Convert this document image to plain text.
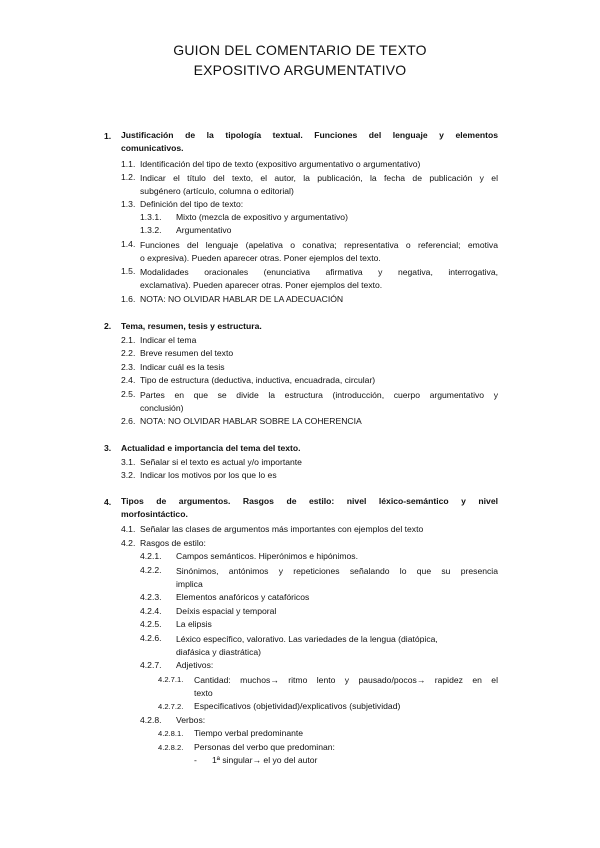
GUION DEL COMENTARIO DE TEXTO
EXPOSITIVO ARGUMENTATIVO
1. Justificación de la tipología textual. Funciones del lenguaje y elementos
comunicativos.
1.1. Identificación del tipo de texto (expositivo argumentativo o argumentativo)
1.2. Indicar el título del texto, el autor, la publicación, la fecha de publicación y el
subgénero (artículo, columna o editorial)
1.3. Definición del tipo de texto:
1.3.1. Mixto (mezcla de expositivo y argumentativo)
1.3.2. Argumentativo
1.4. Funciones del lenguaje (apelativa o conativa; representativa o referencial; emotiva
o expresiva). Pueden aparecer otras. Poner ejemplos del texto.
1.5. Modalidades oracionales (enunciativa afirmativa y negativa, interrogativa,
exclamativa). Pueden aparecer otras. Poner ejemplos del texto.
1.6. NOTA: NO OLVIDAR HABLAR DE LA ADECUACIÓN
2. Tema, resumen, tesis y estructura.
2.1. Indicar el tema
2.2. Breve resumen del texto
2.3. Indicar cuál es la tesis
2.4. Tipo de estructura (deductiva, inductiva, encuadrada, circular)
2.5. Partes en que se divide la estructura (introducción, cuerpo argumentativo y
conclusión)
2.6. NOTA: NO OLVIDAR HABLAR SOBRE LA COHERENCIA
3. Actualidad e importancia del tema del texto.
3.1. Señalar si el texto es actual y/o importante
3.2. Indicar los motivos por los que lo es
4. Tipos de argumentos. Rasgos de estilo: nivel léxico-semántico y nivel
morfosintáctico.
4.1. Señalar las clases de argumentos más importantes con ejemplos del texto
4.2. Rasgos de estilo:
4.2.1. Campos semánticos. Hiperónimos e hipónimos.
4.2.2. Sinónimos, antónimos y repeticiones señalando lo que su presencia
implica
4.2.3. Elementos anafóricos y catafóricos
4.2.4. Deíxis espacial y temporal
4.2.5. La elipsis
4.2.6. Léxico específico, valorativo. Las variedades de la lengua (diatópica,
diafásica y diastrática)
4.2.7. Adjetivos:
4.2.7.1. Cantidad: muchos→ ritmo lento y pausado/pocos→ rapidez en el
texto
4.2.7.2. Especificativos (objetividad)/explicativos (subjetividad)
4.2.8. Verbos:
4.2.8.1. Tiempo verbal predominante
4.2.8.2. Personas del verbo que predominan:
- 1ª singular→ el yo del autor
